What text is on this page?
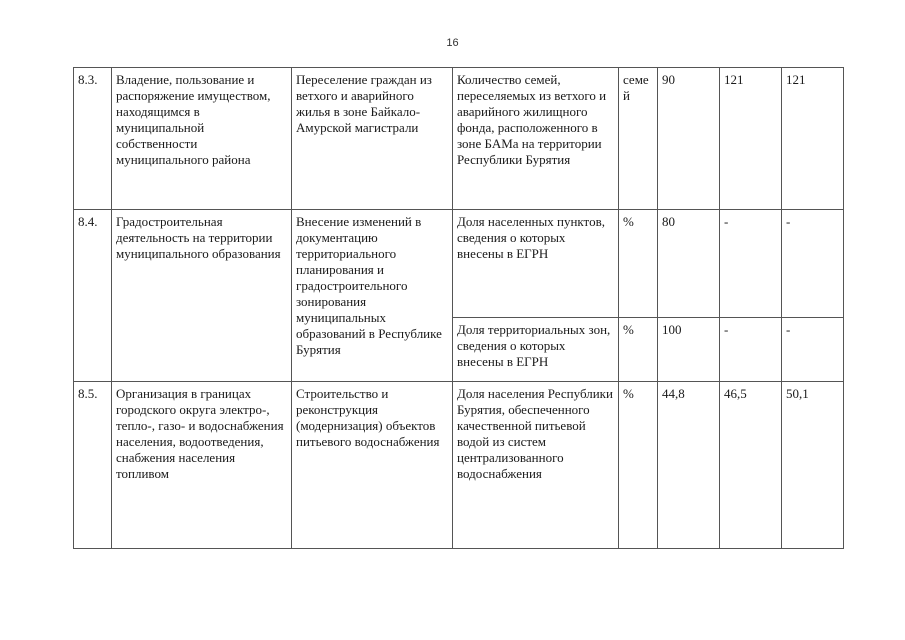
16
8.3.	Владение, пользование и распоряжение имуществом, находящимся в муниципальной собственности муниципального района	Переселение граждан из ветхого и аварийного жилья в зоне Байкало-Амурской магистрали	Количество семей, переселяемых из ветхого и аварийного жилищного фонда, расположенного в зоне БАМа на территории Республики Бурятия	семей	90	121	121
8.4.	Градостроительная деятельность на территории муниципального образования	Внесение изменений в документацию территориального планирования и градостроительного зонирования муниципальных образований в Республике Бурятия	Доля населенных пунктов, сведения о которых внесены в ЕГРН	%	80	-	-
			Доля территориальных зон, сведения о которых внесены в ЕГРН	%	100	-	-
8.5.	Организация в границах городского округа электро-, тепло-, газо- и водоснабжения населения, водоотведения, снабжения населения топливом	Строительство и реконструкция (модернизация) объектов питьевого водоснабжения	Доля населения Республики Бурятия, обеспеченного качественной питьевой водой из систем централизованного водоснабжения	%	44,8	46,5	50,1
